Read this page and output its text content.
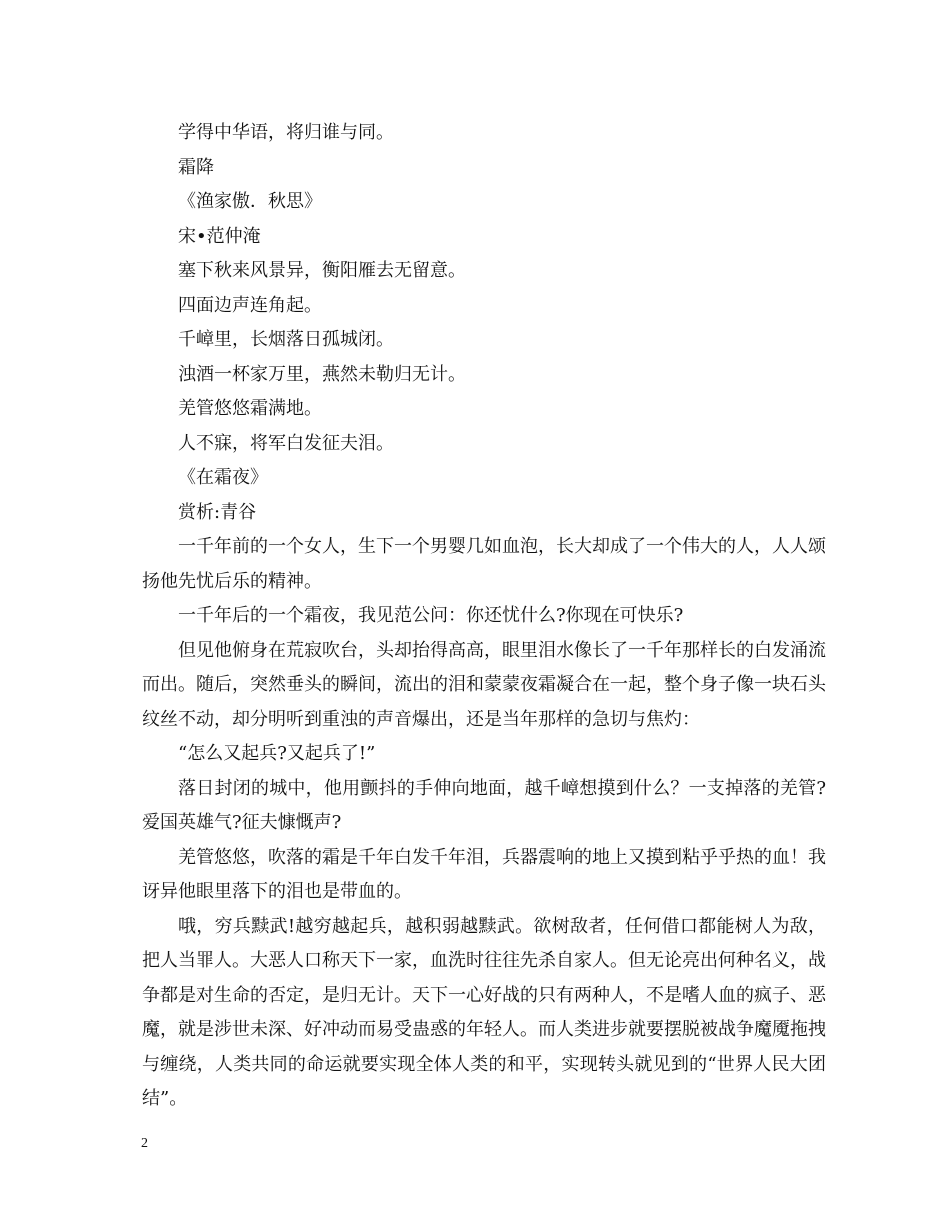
学得中华语，将归谁与同。

霜降

《渔家傲．秋思》

宋•范仲淹

塞下秋来风景异，衡阳雁去无留意。

四面边声连角起。

千嶂里，长烟落日孤城闭。

浊酒一杯家万里，燕然未勒归无计。

羌管悠悠霜满地。

人不寐，将军白发征夫泪。

《在霜夜》

赏析:青谷

一千年前的一个女人，生下一个男婴几如血泡，长大却成了一个伟大的人，人人颂扬他先忧后乐的精神。

一千年后的一个霜夜，我见范公问：你还忧什么?你现在可快乐?

但见他俯身在荒寂吹台，头却抬得高高，眼里泪水像长了一千年那样长的白发涌流而出。随后，突然垂头的瞬间，流出的泪和蒙蒙夜霜凝合在一起，整个身子像一块石头纹丝不动，却分明听到重浊的声音爆出，还是当年那样的急切与焦灼：

“怎么又起兵?又起兵了!”

落日封闭的城中，他用颤抖的手伸向地面，越千嶂想摸到什么？一支掉落的羌管?爱国英雄气?征夫慷慨声?

羌管悠悠，吹落的霜是千年白发千年泪，兵器震响的地上又摸到粘乎乎热的血！我讶异他眼里落下的泪也是带血的。

哦，穷兵黩武!越穷越起兵，越积弱越黩武。欲树敌者，任何借口都能树人为敌，把人当罪人。大恶人口称天下一家，血洗时往往先杀自家人。但无论亮出何种名义，战争都是对生命的否定，是归无计。天下一心好战的只有两种人，不是嗜人血的疯子、恶魔，就是涉世未深、好冲动而易受蛊惑的年轻人。而人类进步就要摆脱被战争魔魇拖拽与缠绕，人类共同的命运就要实现全体人类的和平，实现转头就见到的“世界人民大团结”。

2
